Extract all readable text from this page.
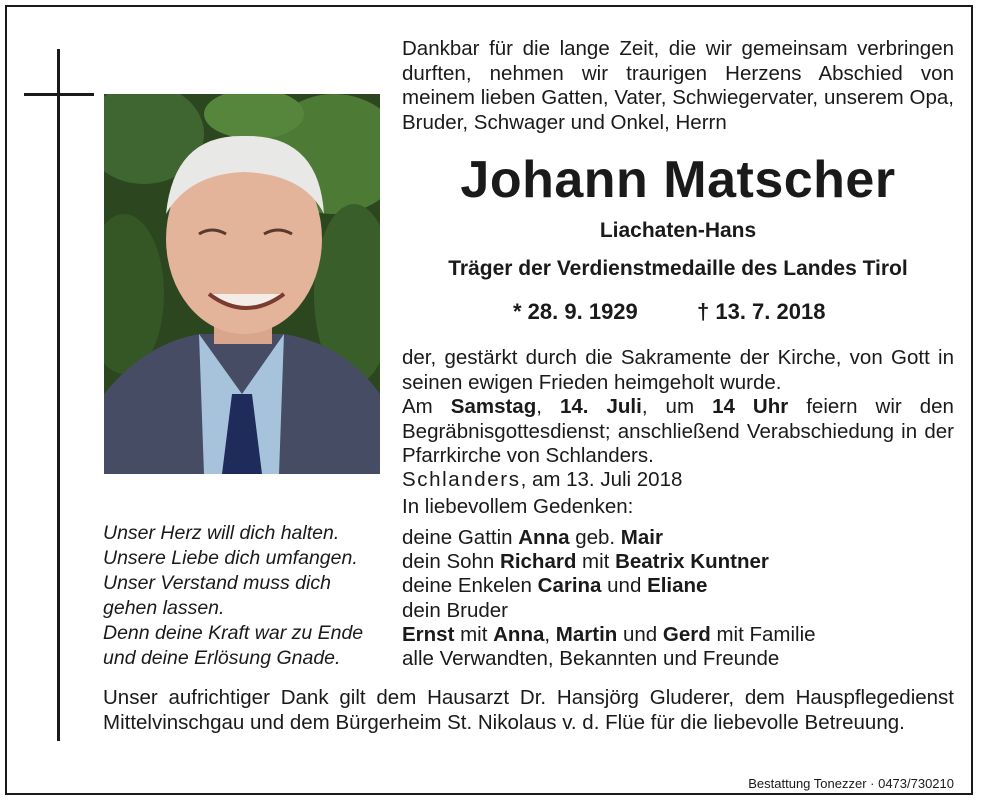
Unser Herz will dich halten.
Unsere Liebe dich umfangen.
Unser Verstand muss dich
gehen lassen.
Denn deine Kraft war zu Ende
und deine Erlösung Gnade.
Dankbar für die lange Zeit, die wir gemeinsam verbringen durften, nehmen wir traurigen Herzens Abschied von meinem lieben Gatten, Vater, Schwiegervater, unserem Opa, Bruder, Schwager und Onkel, Herrn
Johann Matscher
Liachaten-Hans
Träger der Verdienstmedaille des Landes Tirol
* 28. 9. 1929	† 13. 7. 2018
der, gestärkt durch die Sakramente der Kirche, von Gott in seinen ewigen Frieden heimgeholt wurde.
Am Samstag, 14. Juli, um 14 Uhr feiern wir den Begräbnisgottesdienst; anschließend Verabschiedung in der Pfarrkirche von Schlanders.
Schlanders, am 13. Juli 2018
In liebevollem Gedenken:
deine Gattin Anna geb. Mair
dein Sohn Richard mit Beatrix Kuntner
deine Enkelen Carina und Eliane
dein Bruder
Ernst mit Anna, Martin und Gerd mit Familie
alle Verwandten, Bekannten und Freunde
Unser aufrichtiger Dank gilt dem Hausarzt Dr. Hansjörg Gluderer, dem Hauspflegedienst Mittelvinschgau und dem Bürgerheim St. Nikolaus v. d. Flüe für die liebevolle Betreuung.
Bestattung Tonezzer · 0473/730210
